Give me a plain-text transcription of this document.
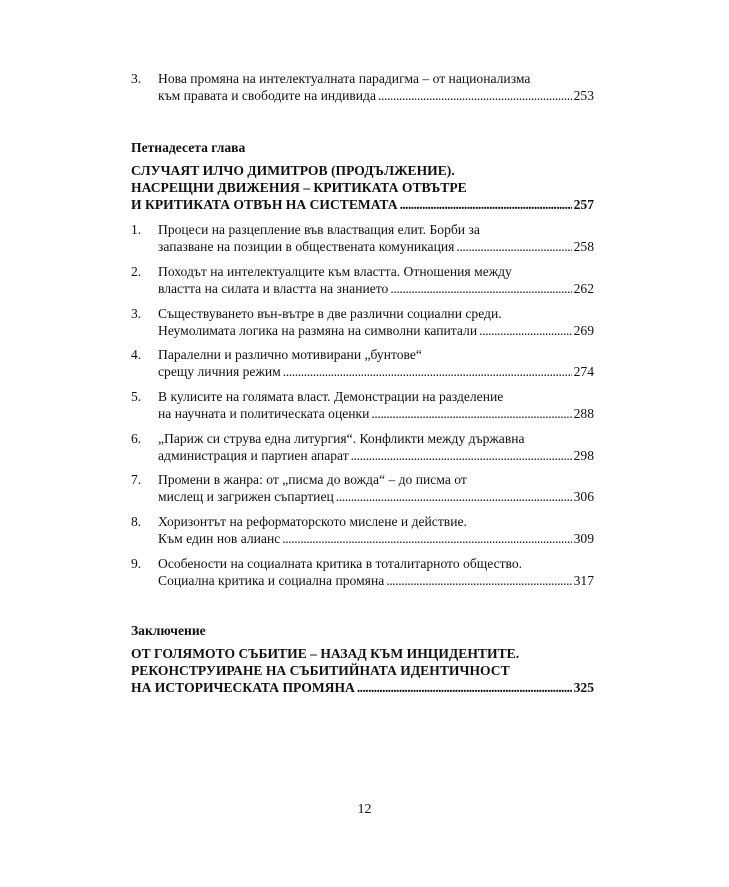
3.	Нова промяна на интелектуалната парадигма – от национализма
към правата и свободите на индивида . . .	253
Петнадесета глава
СЛУЧАЯТ ИЛЧО ДИМИТРОВ (ПРОДЪЛЖЕНИЕ).
НАСРЕЩНИ ДВИЖЕНИЯ – КРИТИКАТА ОТВЪТРЕ
И КРИТИКАТА ОТВЪН НА СИСТЕМАТА . . .	257
1.	Процеси на разцепление във властващия елит. Борби за
запазване на позиции в обществената комуникация . . .	258
2.	Походът на интелектуалците към властта. Отношения между
властта на силата и властта на знанието . . .	262
3.	Съществуването вън-вътре в две различни социални среди.
Неумолимата логика на размяна на символни капитали . . .	269
4.	Паралелни и различно мотивирани „бунтове“
срещу личния режим . . .	274
5.	В кулисите на голямата власт. Демонстрации на разделение
на научната и политическата оценки . . .	288
6.	„Париж си струва една литургия“. Конфликти между държавна
администрация и партиен апарат . . .	298
7.	Промени в жанра: от „писма до вожда“ – до писма от
мислещ и загрижен съпартиец . . .	306
8.	Хоризонтът на реформаторското мислене и действие.
Към един нов алианс . . .	309
9.	Особености на социалната критика в тоталитарното общество.
Социална критика и социална промяна . . .	317
Заключение
ОТ ГОЛЯМОТО СЪБИТИЕ – НАЗАД КЪМ ИНЦИДЕНТИТЕ.
РЕКОНСТРУИРАНЕ НА СЪБИТИЙНАТА ИДЕНТИЧНОСТ
НА ИСТОРИЧЕСКАТА ПРОМЯНА . . .	325
12
